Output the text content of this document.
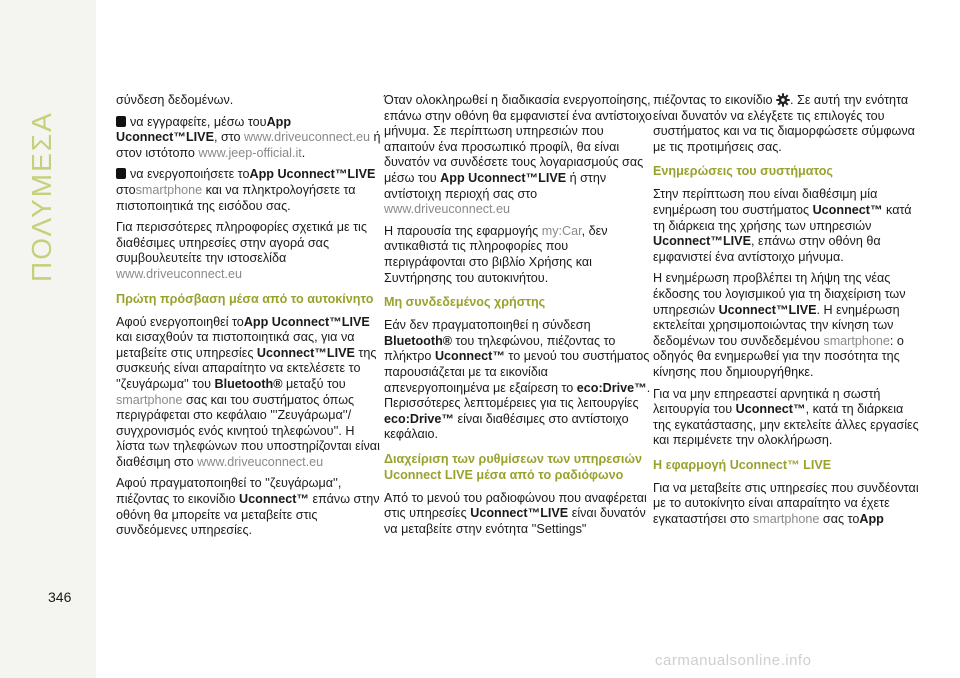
ΠΟΛΥΜΕΣΑ

σύνδεση δεδομένων.

να εγγραφείτε, μέσω τουApp Uconnect™LIVE, στο www.driveuconnect.eu ή στον ιστότοπο www.jeep-official.it.

να ενεργοποιήσετε τοApp Uconnect™LIVE στοsmartphone και να πληκτρολογήσετε τα πιστοποιητικά της εισόδου σας.

Για περισσότερες πληροφορίες σχετικά με τις διαθέσιμες υπηρεσίες στην αγορά σας συμβουλευτείτε την ιστοσελίδα www.driveuconnect.eu

Πρώτη πρόσβαση μέσα από το αυτοκίνητο

Αφού ενεργοποιηθεί τοApp Uconnect™LIVE και εισαχθούν τα πιστοποιητικά σας, για να μεταβείτε στις υπηρεσίες Uconnect™LIVE της συσκευής είναι απαραίτητο να εκτελέσετε το ''ζευγάρωμα'' του Bluetooth® μεταξύ του smartphone σας και του συστήματος όπως περιγράφεται στο κεφάλαιο '''Ζευγάρωμα''/συγχρονισμός ενός κινητού τηλεφώνου''. Η λίστα των τηλεφώνων που υποστηρίζονται είναι διαθέσιμη στο www.driveuconnect.eu

Αφού πραγματοποιηθεί το ''ζευγάρωμα'', πιέζοντας το εικονίδιο Uconnect™ επάνω στην οθόνη θα μπορείτε να μεταβείτε στις συνδεόμενες υπηρεσίες.

Όταν ολοκληρωθεί η διαδικασία ενεργοποίησης, επάνω στην οθόνη θα εμφανιστεί ένα αντίστοιχο μήνυμα. Σε περίπτωση υπηρεσιών που απαιτούν ένα προσωπικό προφίλ, θα είναι δυνατόν να συνδέσετε τους λογαριασμούς σας μέσω του App Uconnect™LIVE ή στην αντίστοιχη περιοχή σας στο www.driveuconnect.eu

Η παρουσία της εφαρμογής my:Car, δεν αντικαθιστά τις πληροφορίες που περιγράφονται στο βιβλίο Χρήσης και Συντήρησης του αυτοκινήτου.

Μη συνδεδεμένος χρήστης

Εάν δεν πραγματοποιηθεί η σύνδεση Bluetooth® του τηλεφώνου, πιέζοντας το πλήκτρο Uconnect™ το μενού του συστήματος παρουσιάζεται με τα εικονίδια απενεργοποιημένα με εξαίρεση το eco:Drive™. Περισσότερες λεπτομέρειες για τις λειτουργίες eco:Drive™ είναι διαθέσιμες στο αντίστοιχο κεφάλαιο.

Διαχείριση των ρυθμίσεων των υπηρεσιών Uconnect LIVE μέσα από το ραδιόφωνο

Από το μενού του ραδιοφώνου που αναφέρεται στις υπηρεσίες Uconnect™LIVE είναι δυνατόν να μεταβείτε στην ενότητα ''Settings"

πιέζοντας το εικονίδιο . Σε αυτή την ενότητα είναι δυνατόν να ελέγξετε τις επιλογές του συστήματος και να τις διαμορφώσετε σύμφωνα με τις προτιμήσεις σας.

Ενημερώσεις του συστήματος

Στην περίπτωση που είναι διαθέσιμη μία ενημέρωση του συστήματος Uconnect™ κατά τη διάρκεια της χρήσης των υπηρεσιών Uconnect™LIVE, επάνω στην οθόνη θα εμφανιστεί ένα αντίστοιχο μήνυμα.

Η ενημέρωση προβλέπει τη λήψη της νέας έκδοσης του λογισμικού για τη διαχείριση των υπηρεσιών Uconnect™LIVE. Η ενημέρωση εκτελείται χρησιμοποιώντας την κίνηση των δεδομένων του συνδεδεμένου smartphone: ο οδηγός θα ενημερωθεί για την ποσότητα της κίνησης που δημιουργήθηκε.

Για να μην επηρεαστεί αρνητικά η σωστή λειτουργία του Uconnect™, κατά τη διάρκεια της εγκατάστασης, μην εκτελείτε άλλες εργασίες και περιμένετε την ολοκλήρωση.

Η εφαρμογή Uconnect™ LIVE

Για να μεταβείτε στις υπηρεσίες που συνδέονται με το αυτοκίνητο είναι απαραίτητο να έχετε εγκαταστήσει στο smartphone σας τοApp

346
carmanualsonline.info
